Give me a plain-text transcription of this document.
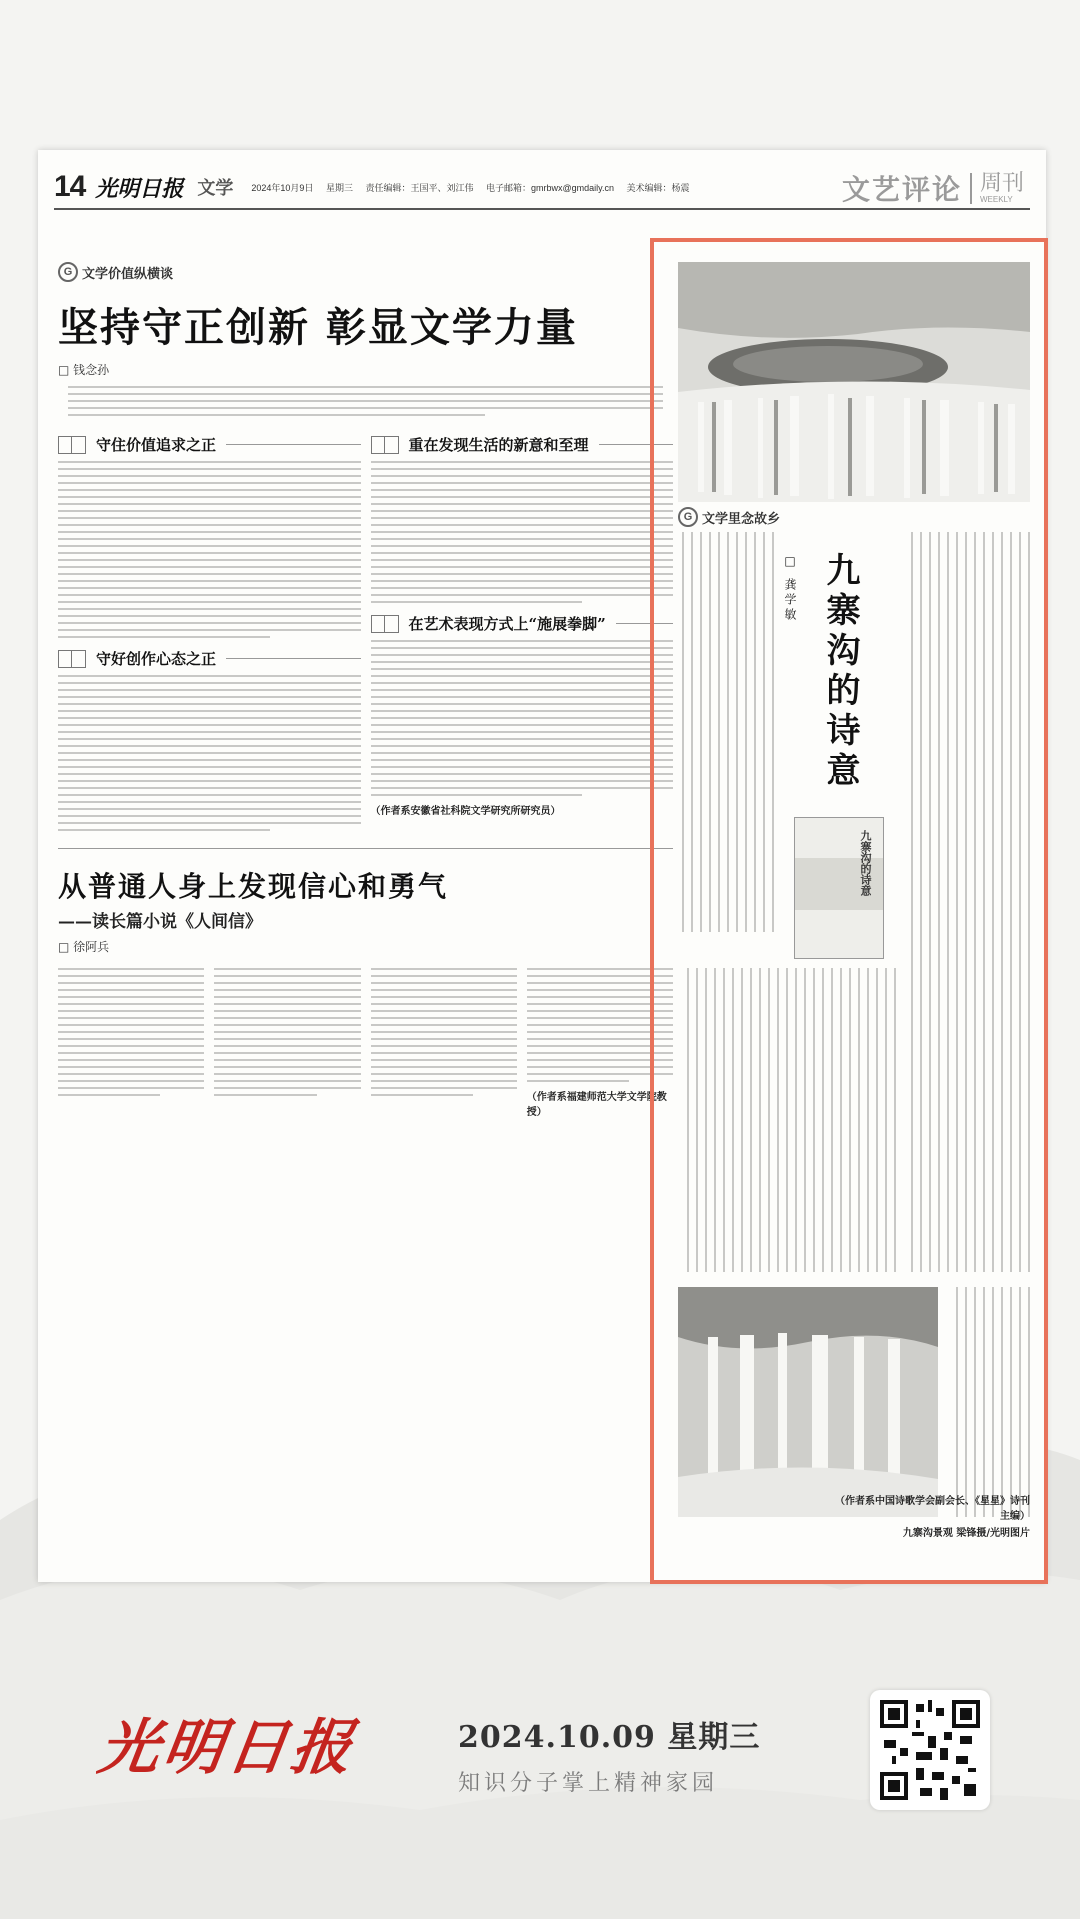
14 光明日报 文学 2024年10月9日 星期三 责任编辑：王国平、刘江伟 电子邮箱：gmrbwx@gmdaily.cn 美术编辑：杨震	文艺评论 周刊
WEEKLY
G 文学价值纵横谈
坚持守正创新 彰显文学力量
□ 钱念孙
守住价值追求之正
守好创作心态之正
重在发现生活的新意和至理
在艺术表现方式上“施展拳脚”
（作者系安徽省社科院文学研究所研究员）
从普通人身上发现信心和勇气
——读长篇小说《人间信》
□ 徐阿兵
（作者系福建师范大学文学院教授）
G 文学里念故乡
九寨沟的诗意
□ 龚学敏
九寨沟的诗意
（作者系中国诗歌学会副会长、《星星》诗刊主编）
九寨沟景观 梁锋摄/光明图片
光明日报	2024.10.09 星期三
知识分子掌上精神家园
